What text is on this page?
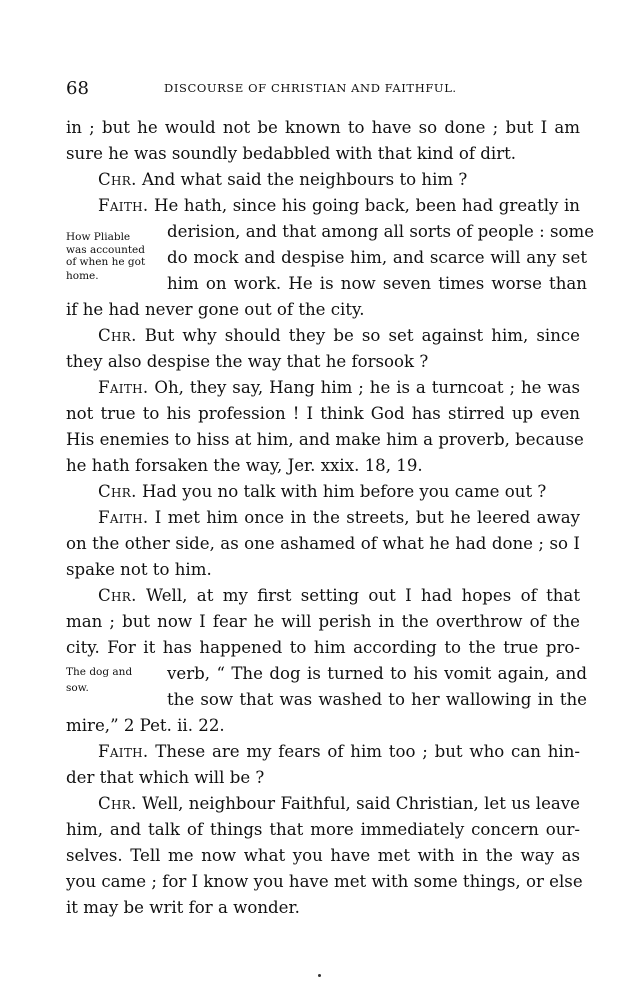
68	DISCOURSE OF CHRISTIAN AND FAITHFUL.
in ; but he would not be known to have so done ; but I am
sure he was soundly bedabbled with that kind of dirt.
Chr. And what said the neighbours to him ?
Faith. He hath, since his going back, been had greatly in
derision, and that among all sorts of people : some
do mock and despise him, and scarce will any set
him on work. He is now seven times worse than
if he had never gone out of the city.
Chr. But why should they be so set against him, since
they also despise the way that he forsook ?
Faith. Oh, they say, Hang him ; he is a turncoat ; he was
not true to his profession ! I think God has stirred up even
His enemies to hiss at him, and make him a proverb, because
he hath forsaken the way, Jer. xxix. 18, 19.
Chr. Had you no talk with him before you came out ?
Faith. I met him once in the streets, but he leered away
on the other side, as one ashamed of what he had done ; so I
spake not to him.
Chr. Well, at my first setting out I had hopes of that
man ; but now I fear he will perish in the overthrow of the
city. For it has happened to him according to the true pro-
verb, “ The dog is turned to his vomit again, and
the sow that was washed to her wallowing in the
mire,” 2 Pet. ii. 22.
Faith. These are my fears of him too ; but who can hin-
der that which will be ?
Chr. Well, neighbour Faithful, said Christian, let us leave
him, and talk of things that more immediately concern our-
selves. Tell me now what you have met with in the way as
you came ; for I know you have met with some things, or else
it may be writ for a wonder.
How Pliable
was accounted
of when he got
home.
The dog and
sow.
